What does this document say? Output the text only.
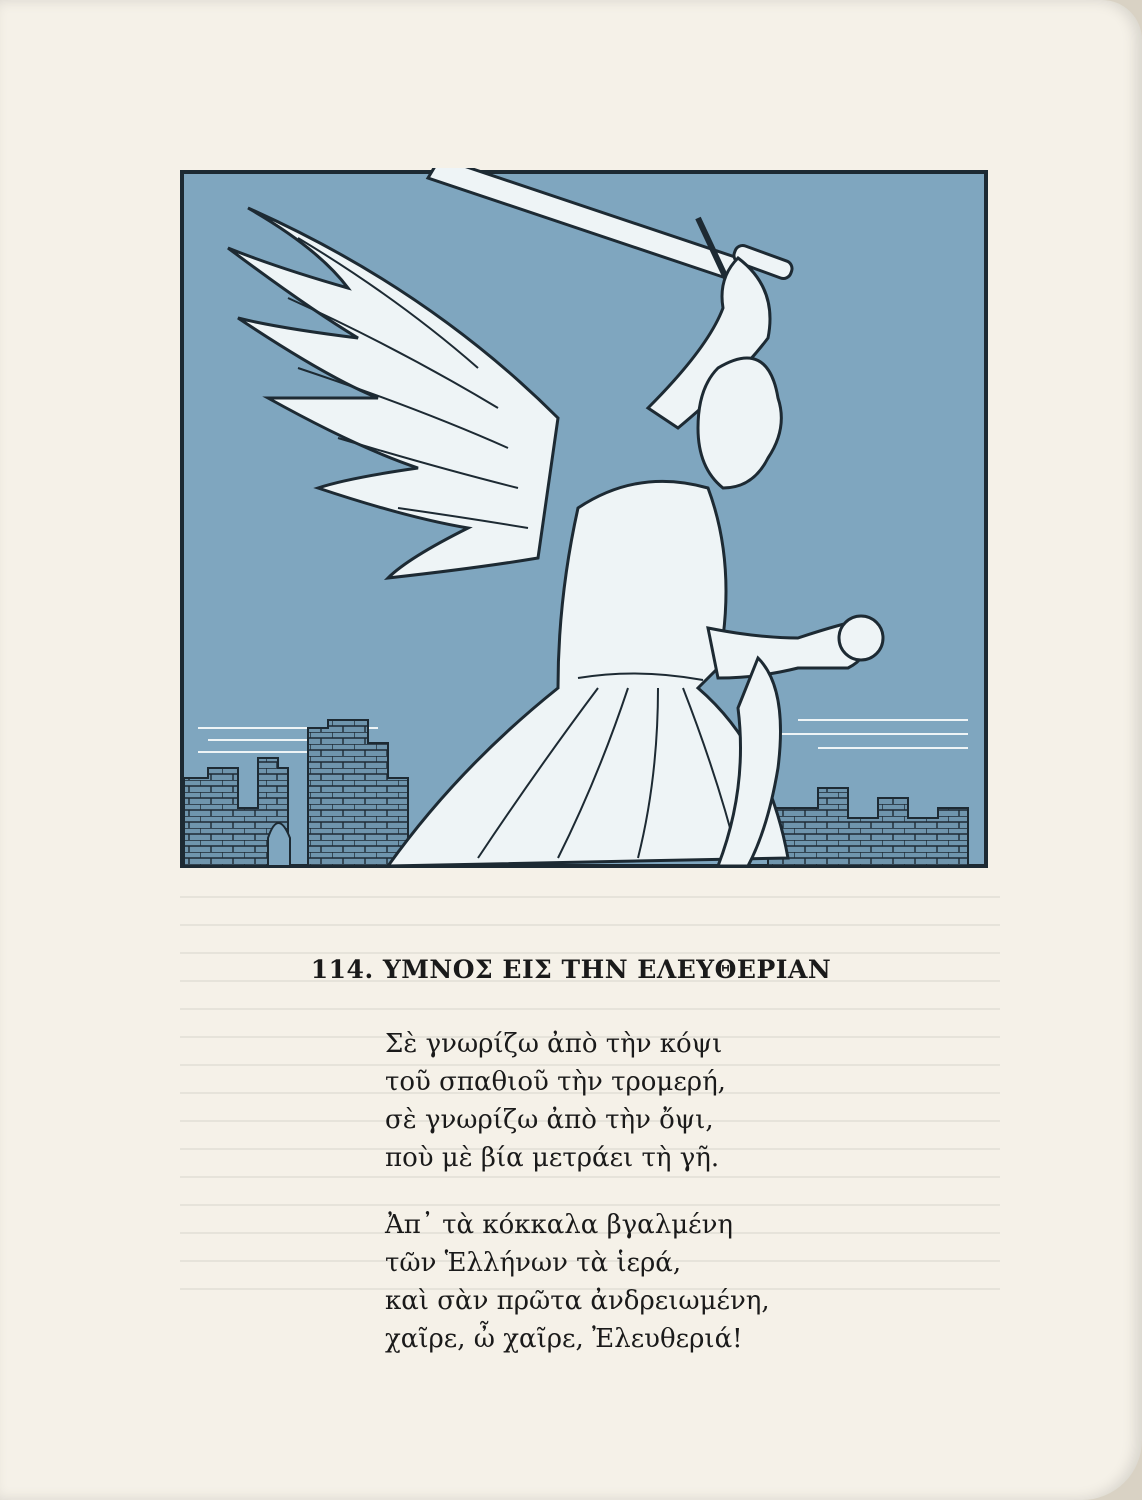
114. ΥΜΝΟΣ ΕΙΣ ΤΗΝ ΕΛΕΥΘΕΡΙΑΝ
Σὲ γνωρίζω ἀπὸ τὴν κόψι
τοῦ σπαθιοῦ τὴν τρομερή,
σὲ γνωρίζω ἀπὸ τὴν ὄψι,
ποὺ μὲ βία μετράει τὴ γῆ.
Ἀπ᾽ τὰ κόκκαλα βγαλμένη
τῶν Ἑλλήνων τὰ ἱερά,
καὶ σὰν πρῶτα ἀνδρειωμένη,
χαῖρε, ὦ χαῖρε, Ἐλευθεριά!
